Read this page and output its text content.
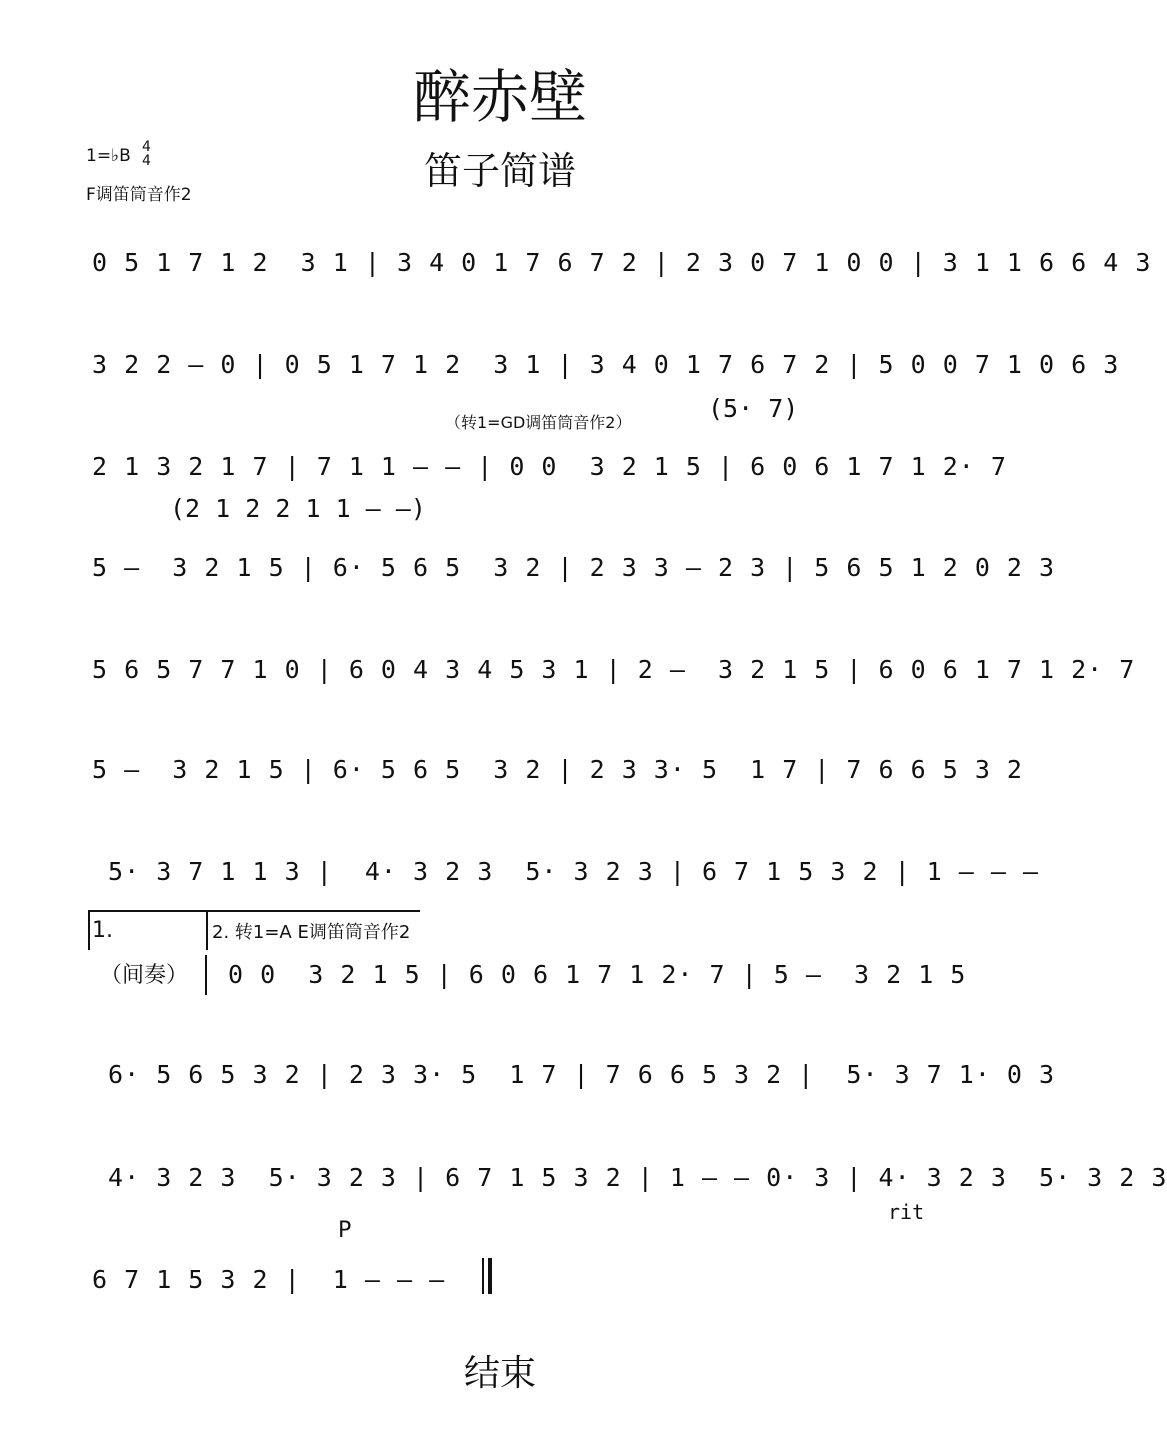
醉赤壁
笛子简谱
1=♭B 4
4
F调笛筒音作2
0 5 1 7 1 2  3 1 | 3 4 0 1 7 6 7 2 | 2 3 0 7 1 0 0 | 3 1 1 6 6 4 3
3 2 2 — 0 | 0 5 1 7 1 2  3 1 | 3 4 0 1 7 6 7 2 | 5 0 0 7 1 0 6 3
(5· 7)
（转1=GD调笛筒音作2）
2 1 3 2 1 7 | 7 1 1 — — | 0 0  3 2 1 5 | 6 0 6 1 7 1 2· 7
(2 1 2 2 1 1 — —)
5 —  3 2 1 5 | 6· 5 6 5  3 2 | 2 3 3 — 2 3 | 5 6 5 1 2 0 2 3
5 6 5 7 7 1 0 | 6 0 4 3 4 5 3 1 | 2 —  3 2 1 5 | 6 0 6 1 7 1 2· 7
5 —  3 2 1 5 | 6· 5 6 5  3 2 | 2 3 3· 5  1 7 | 7 6 6 5 3 2
5· 3 7 1 1 3 |  4· 3 2 3  5· 3 2 3 | 6 7 1 5 3 2 | 1 — — —
1.
（间奏）
2. 转1=A E调笛筒音作2
0 0  3 2 1 5 | 6 0 6 1 7 1 2· 7 | 5 —  3 2 1 5
6· 5 6 5 3 2 | 2 3 3· 5  1 7 | 7 6 6 5 3 2 |  5· 3 7 1· 0 3
4· 3 2 3  5· 3 2 3 | 6 7 1 5 3 2 | 1 — — 0· 3 | 4· 3 2 3  5· 3 2 3
rit
P
6 7 1 5 3 2 |  1 — — —
结束
